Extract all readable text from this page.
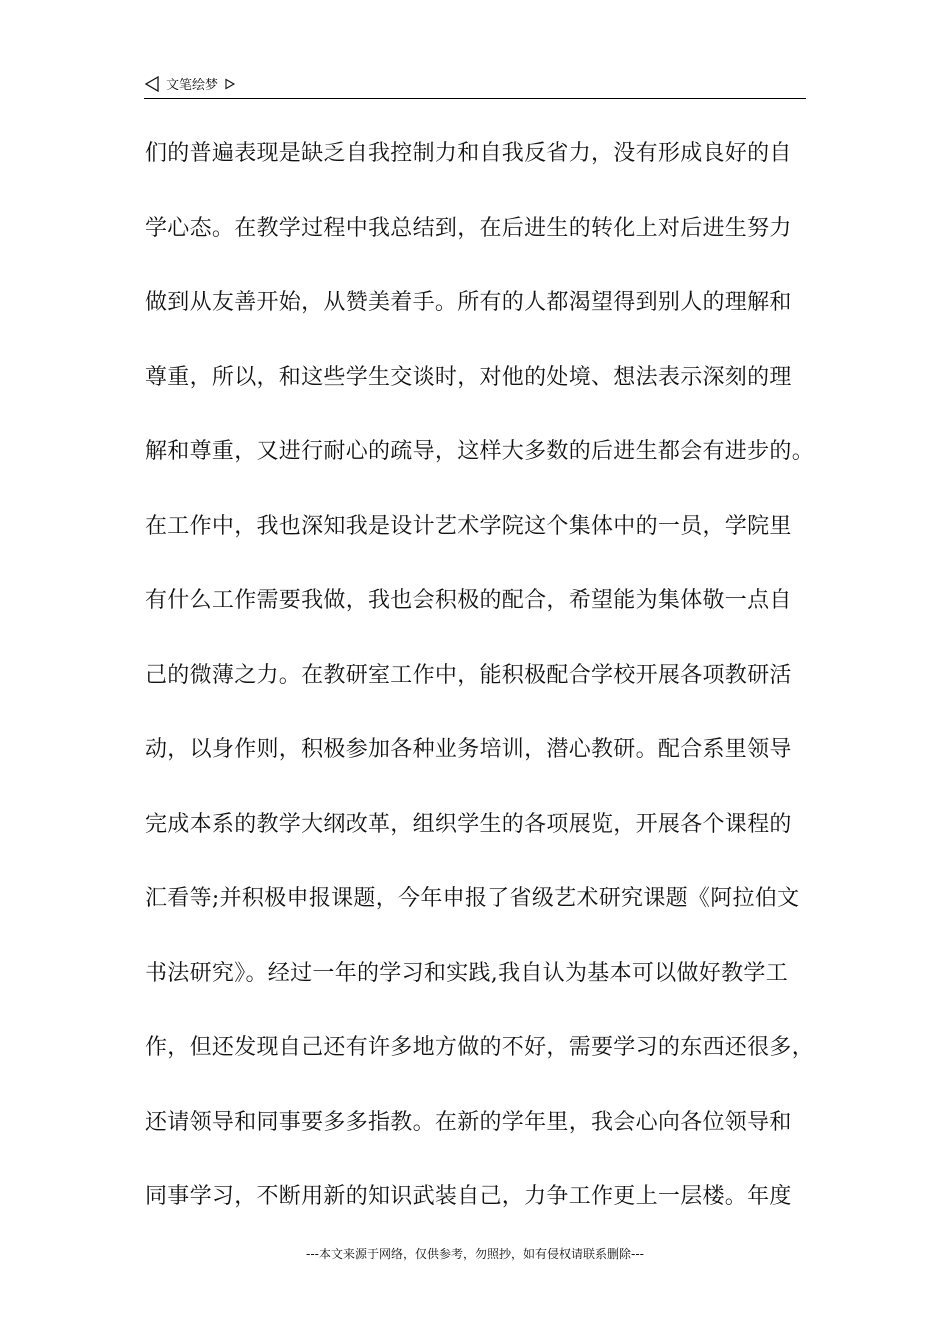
文笔绘梦
们的普遍表现是缺乏自我控制力和自我反省力，没有形成良好的自
学心态。在教学过程中我总结到，在后进生的转化上对后进生努力
做到从友善开始，从赞美着手。所有的人都渴望得到别人的理解和
尊重，所以，和这些学生交谈时，对他的处境、想法表示深刻的理
解和尊重，又进行耐心的疏导，这样大多数的后进生都会有进步的。
在工作中，我也深知我是设计艺术学院这个集体中的一员，学院里
有什么工作需要我做，我也会积极的配合，希望能为集体敬一点自
己的微薄之力。在教研室工作中，能积极配合学校开展各项教研活
动，以身作则，积极参加各种业务培训，潜心教研。配合系里领导
完成本系的教学大纲改革，组织学生的各项展览，开展各个课程的
汇看等;并积极申报课题，今年申报了省级艺术研究课题《阿拉伯文
书法研究》。经过一年的学习和实践,我自认为基本可以做好教学工
作，但还发现自己还有许多地方做的不好，需要学习的东西还很多，
还请领导和同事要多多指教。在新的学年里，我会心向各位领导和
同事学习，不断用新的知识武装自己，力争工作更上一层楼。年度
---本文来源于网络，仅供参考，勿照抄，如有侵权请联系删除---
